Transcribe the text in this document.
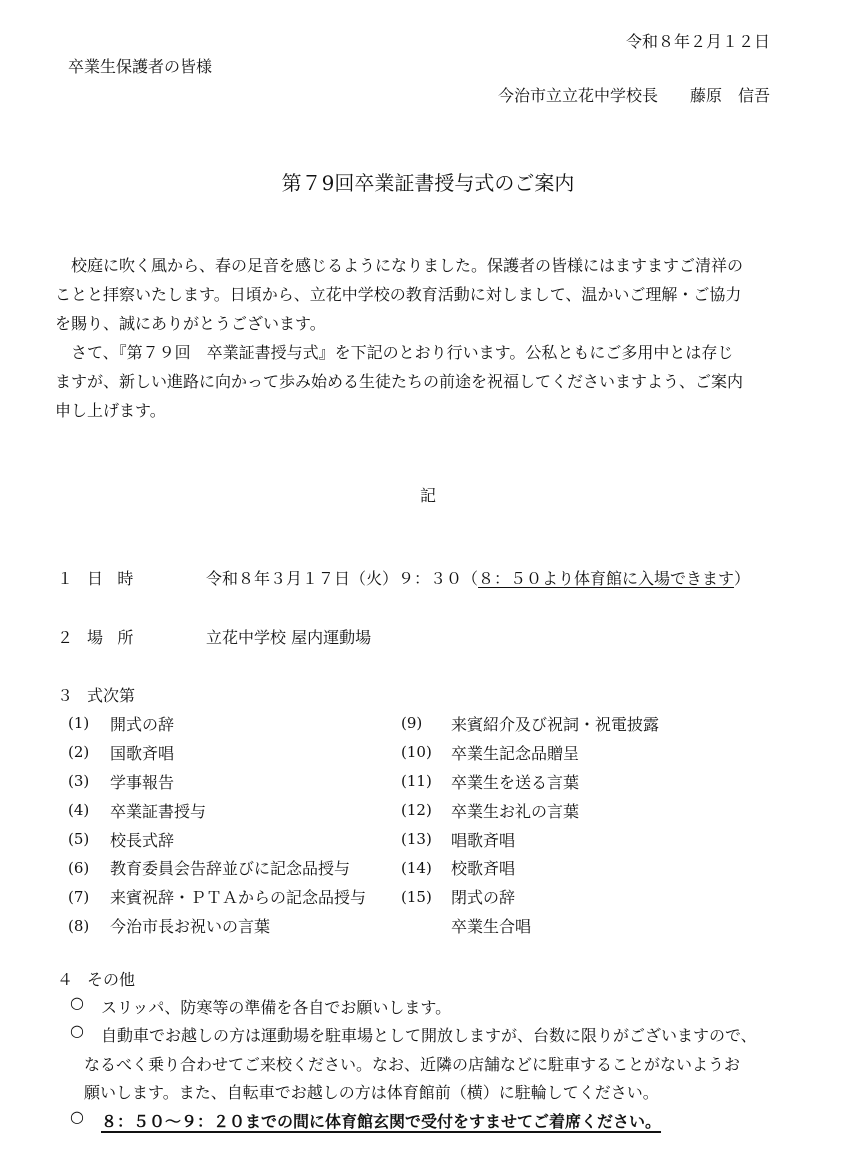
令和８年２月１２日
卒業生保護者の皆様
今治市立立花中学校長　　藤原　信吾
第７9回卒業証書授与式のご案内
　校庭に吹く風から、春の足音を感じるようになりました。保護者の皆様にはますますご清祥の
ことと拝察いたします。日頃から、立花中学校の教育活動に対しまして、温かいご理解・ご協力
を賜り、誠にありがとうございます。
　さて、『第７９回　卒業証書授与式』を下記のとおり行います。公私ともにご多用中とは存じ
ますが、新しい進路に向かって歩み始める生徒たちの前途を祝福してくださいますよう、ご案内
申し上げます。
記
１ 日時	令和８年３月１７日（火）９：３０（８：５０より体育館に入場できます）
２ 場所	立花中学校 屋内運動場
３ 式次第
(1)	開式の辞
(2)	国歌斉唱
(3)	学事報告
(4)	卒業証書授与
(5)	校長式辞
(6)	教育委員会告辞並びに記念品授与
(7)	来賓祝辞・ＰＴＡからの記念品授与
(8)	今治市長お祝いの言葉
(9)	来賓紹介及び祝詞・祝電披露
(10)	卒業生記念品贈呈
(11)	卒業生を送る言葉
(12)	卒業生お礼の言葉
(13)	唱歌斉唱
(14)	校歌斉唱
(15)	閉式の辞
卒業生合唱
４ その他
○ スリッパ、防寒等の準備を各自でお願いします。
○ 自動車でお越しの方は運動場を駐車場として開放しますが、台数に限りがございますので、
なるべく乗り合わせてご来校ください。なお、近隣の店舗などに駐車することがないようお
願いします。また、自転車でお越しの方は体育館前（横）に駐輪してください。
○ ８：５０～９：２０までの間に体育館玄関で受付をすませてご着席ください。
